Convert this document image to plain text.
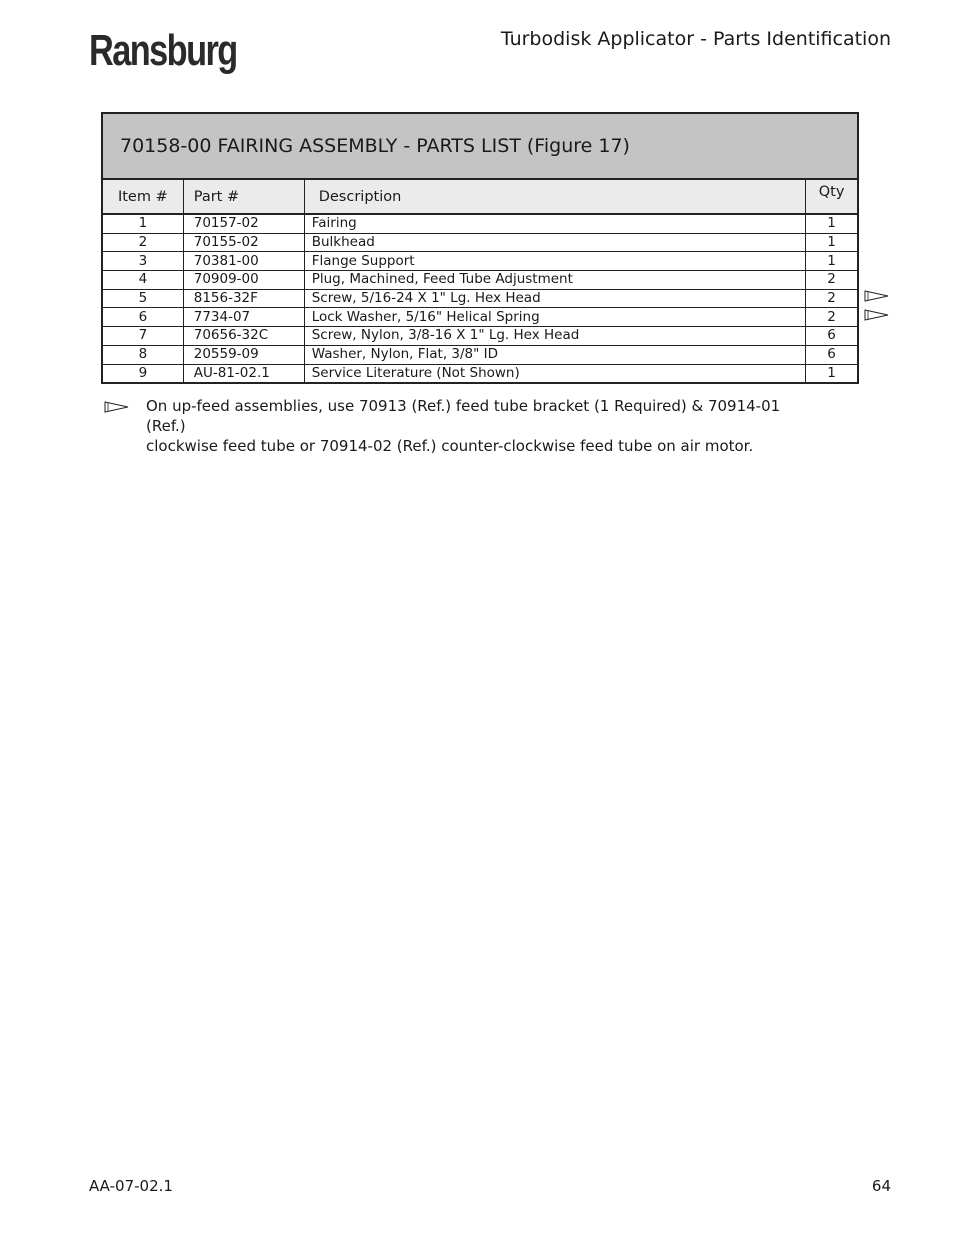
Ransburg	Turbodisk Applicator - Parts Identification
70158-00 FAIRING ASSEMBLY - PARTS LIST (Figure 17)			
Item #	Part #	Description	Qty
1	70157-02	Fairing	1
2	70155-02	Bulkhead	1
3	70381-00	Flange Support	1
4	70909-00	Plug, Machined, Feed Tube Adjustment	2
5	8156-32F	Screw, 5/16-24 X 1" Lg. Hex Head	2
6	7734-07	Lock Washer, 5/16" Helical Spring	2
7	70656-32C	Screw, Nylon, 3/8-16 X 1" Lg. Hex Head	6
8	20559-09	Washer, Nylon, Flat, 3/8" ID	6
9	AU-81-02.1	Service Literature (Not Shown)	1
On up-feed assemblies, use 70913 (Ref.) feed tube bracket (1 Required) & 70914-01 (Ref.)
clockwise feed tube or 70914-02 (Ref.) counter-clockwise feed tube on air motor.
AA-07-02.1	64
